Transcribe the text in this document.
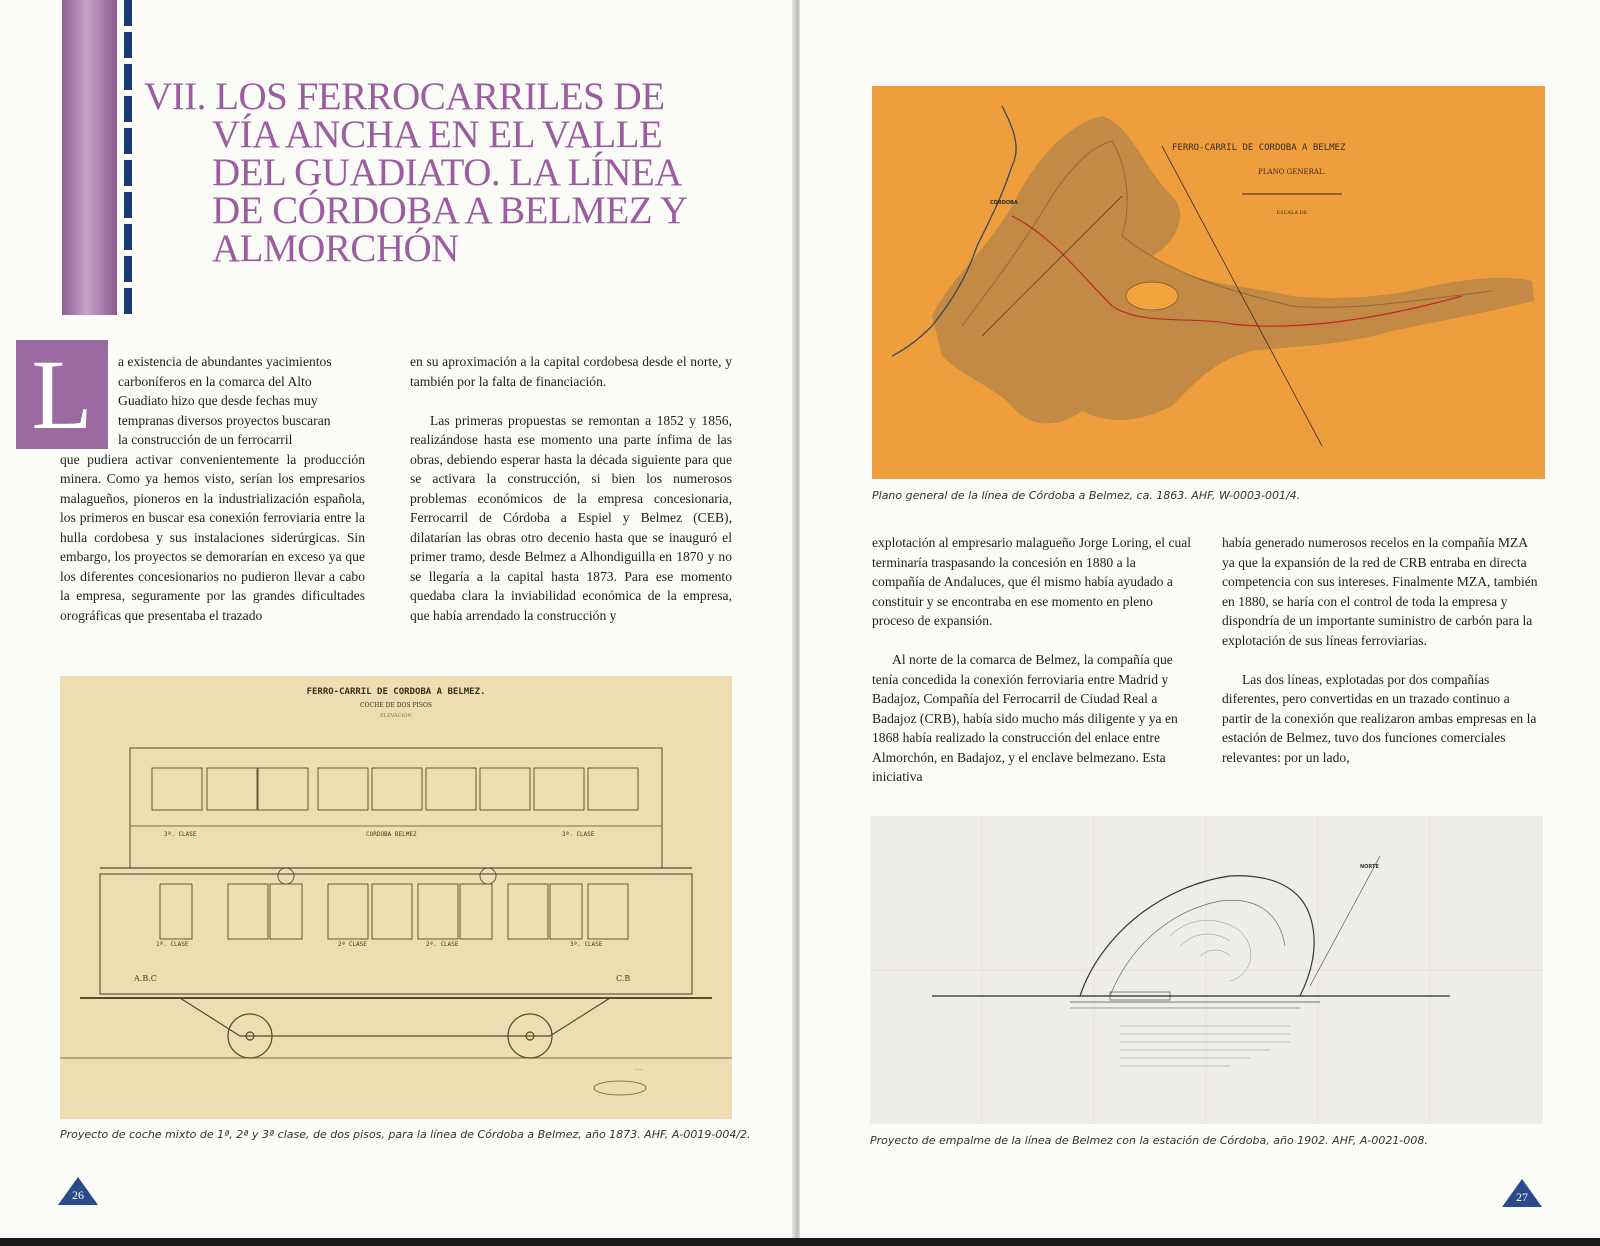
VII. LOS FERROCARRILES DE
VÍA ANCHA EN EL VALLE
DEL GUADIATO. LA LÍNEA
DE CÓRDOBA A BELMEZ Y
ALMORCHÓN
L	a existencia de abundantes yacimientos
carboníferos en la comarca del Alto
Guadiato hizo que desde fechas muy
tempranas diversos proyectos buscaran
la construcción de un ferrocarril

que pudiera activar convenientemente la producción minera. Como ya hemos visto, serían los empresarios malagueños, pioneros en la industrialización española, los primeros en buscar esa conexión ferroviaria entre la hulla cordobesa y sus instalaciones siderúrgicas. Sin embargo, los proyectos se demorarían en exceso ya que los diferentes concesionarios no pudieron llevar a cabo la empresa, seguramente por las grandes dificultades orográficas que presentaba el trazado

en su aproximación a la capital cordobesa desde el norte, y también por la falta de financiación.

Las primeras propuestas se remontan a 1852 y 1856, realizándose hasta ese momento una parte ínfima de las obras, debiendo esperar hasta la década siguiente para que se activara la construcción, si bien los numerosos problemas económicos de la empresa concesionaria, Ferrocarril de Córdoba a Espiel y Belmez (CEB), dilatarían las obras otro decenio hasta que se inauguró el primer tramo, desde Belmez a Alhondiguilla en 1870 y no se llegaría a la capital hasta 1873. Para ese momento quedaba clara la inviabilidad económica de la empresa, que había arrendado la construcción y

FERRO-CARRIL DE CORDOBA A BELMEZ.
COCHE DE DOS PISOS
ELEVACION
3ª. CLASE	CORDOBA BELMEZ	3ª. CLASE
1ª. CLASE	2ª CLASE	2ª. CLASE	3ª. CLASE
A.B.C	C.B
·····
Proyecto de coche mixto de 1ª, 2ª y 3ª clase, de dos pisos, para la línea de Córdoba a Belmez, año 1873. AHF, A-0019-004/2.
26
FERRO-CARRIL DE CORDOBA A BELMEZ
PLANO GENERAL.
ESCALA DE
CORDOBA
Plano general de la línea de Córdoba a Belmez, ca. 1863. AHF, W-0003-001/4.

explotación al empresario malagueño Jorge Loring, el cual terminaría traspasando la concesión en 1880 a la compañía de Andaluces, que él mismo había ayudado a constituir y se encontraba en ese momento en pleno proceso de expansión.

Al norte de la comarca de Belmez, la compañía que tenía concedida la conexión ferroviaria entre Madrid y Badajoz, Compañía del Ferrocarril de Ciudad Real a Badajoz (CRB), había sido mucho más diligente y ya en 1868 había realizado la construcción del enlace entre Almorchón, en Badajoz, y el enclave belmezano. Esta iniciativa

había generado numerosos recelos en la compañía MZA ya que la expansión de la red de CRB entraba en directa competencia con sus intereses. Finalmente MZA, también en 1880, se haría con el control de toda la empresa y dispondría de un importante suministro de carbón para la explotación de sus líneas ferroviarias.

Las dos líneas, explotadas por dos compañías diferentes, pero convertidas en un trazado continuo a partir de la conexión que realizaron ambas empresas en la estación de Belmez, tuvo dos funciones comerciales relevantes: por un lado,

NORTE
Proyecto de empalme de la línea de Belmez con la estación de Córdoba, año 1902. AHF, A-0021-008.
27
